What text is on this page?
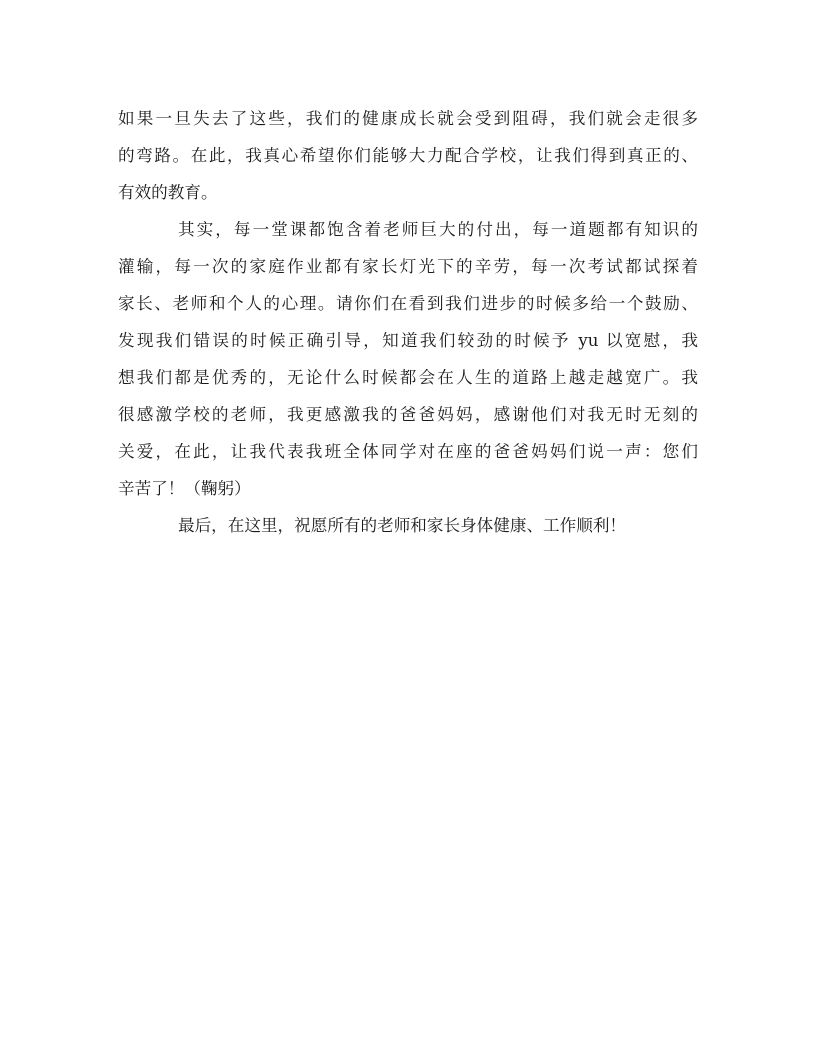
如果一旦失去了这些，我们的健康成长就会受到阻碍，我们就会走很多
的弯路。在此，我真心希望你们能够大力配合学校，让我们得到真正的、
有效的教育。
其实，每一堂课都饱含着老师巨大的付出，每一道题都有知识的
灌输，每一次的家庭作业都有家长灯光下的辛劳，每一次考试都试探着
家长、老师和个人的心理。请你们在看到我们进步的时候多给一个鼓励、
发现我们错误的时候正确引导，知道我们较劲的时候予 yu 以宽慰，我
想我们都是优秀的，无论什么时候都会在人生的道路上越走越宽广。我
很感激学校的老师，我更感激我的爸爸妈妈，感谢他们对我无时无刻的
关爱，在此，让我代表我班全体同学对在座的爸爸妈妈们说一声：您们
辛苦了！（鞠躬）
最后，在这里，祝愿所有的老师和家长身体健康、工作顺利！
